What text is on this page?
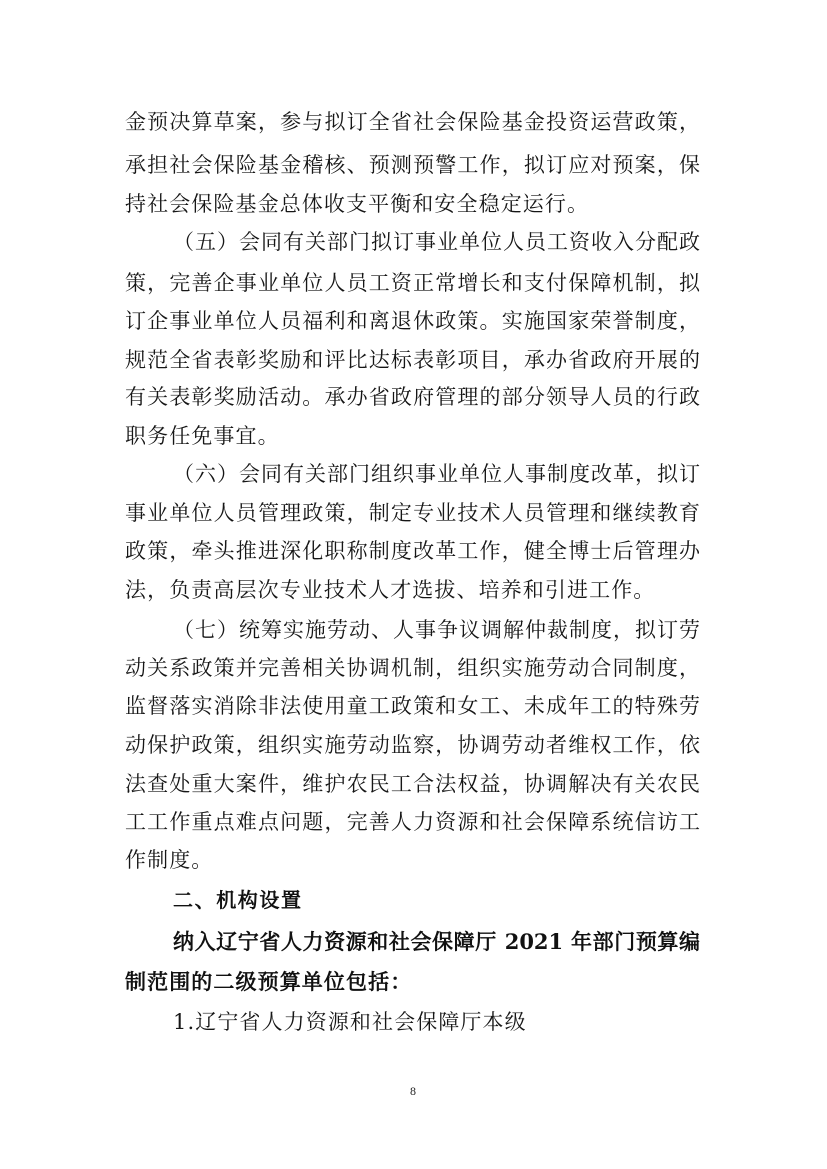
金预决算草案，参与拟订全省社会保险基金投资运营政策，
承担社会保险基金稽核、预测预警工作，拟订应对预案，保
持社会保险基金总体收支平衡和安全稳定运行。
（五）会同有关部门拟订事业单位人员工资收入分配政
策，完善企事业单位人员工资正常增长和支付保障机制，拟
订企事业单位人员福利和离退休政策。实施国家荣誉制度，
规范全省表彰奖励和评比达标表彰项目，承办省政府开展的
有关表彰奖励活动。承办省政府管理的部分领导人员的行政
职务任免事宜。
（六）会同有关部门组织事业单位人事制度改革，拟订
事业单位人员管理政策，制定专业技术人员管理和继续教育
政策，牵头推进深化职称制度改革工作，健全博士后管理办
法，负责高层次专业技术人才选拔、培养和引进工作。
（七）统筹实施劳动、人事争议调解仲裁制度，拟订劳
动关系政策并完善相关协调机制，组织实施劳动合同制度，
监督落实消除非法使用童工政策和女工、未成年工的特殊劳
动保护政策，组织实施劳动监察，协调劳动者维权工作，依
法查处重大案件，维护农民工合法权益，协调解决有关农民
工工作重点难点问题，完善人力资源和社会保障系统信访工
作制度。
二、机构设置
纳入辽宁省人力资源和社会保障厅 2021 年部门预算编
制范围的二级预算单位包括：
1.辽宁省人力资源和社会保障厅本级
8
